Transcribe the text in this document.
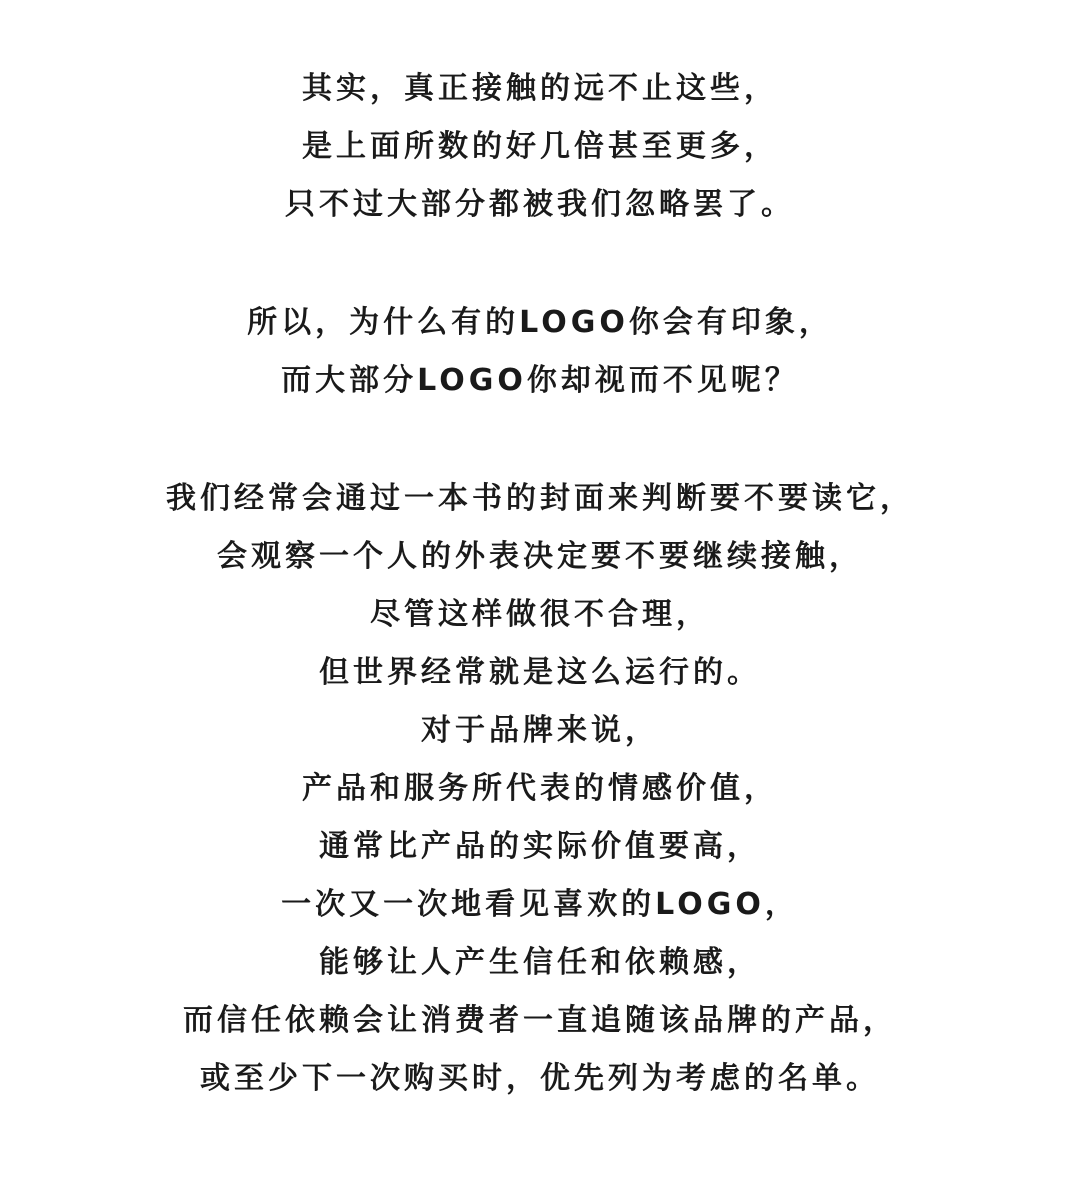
其实，真正接触的远不止这些，
是上面所数的好几倍甚至更多，
只不过大部分都被我们忽略罢了。
所以，为什么有的LOGO你会有印象，
而大部分LOGO你却视而不见呢？
我们经常会通过一本书的封面来判断要不要读它，
会观察一个人的外表决定要不要继续接触，
尽管这样做很不合理，
但世界经常就是这么运行的。
对于品牌来说，
产品和服务所代表的情感价值，
通常比产品的实际价值要高，
一次又一次地看见喜欢的LOGO，
能够让人产生信任和依赖感，
而信任依赖会让消费者一直追随该品牌的产品，
或至少下一次购买时，优先列为考虑的名单。
